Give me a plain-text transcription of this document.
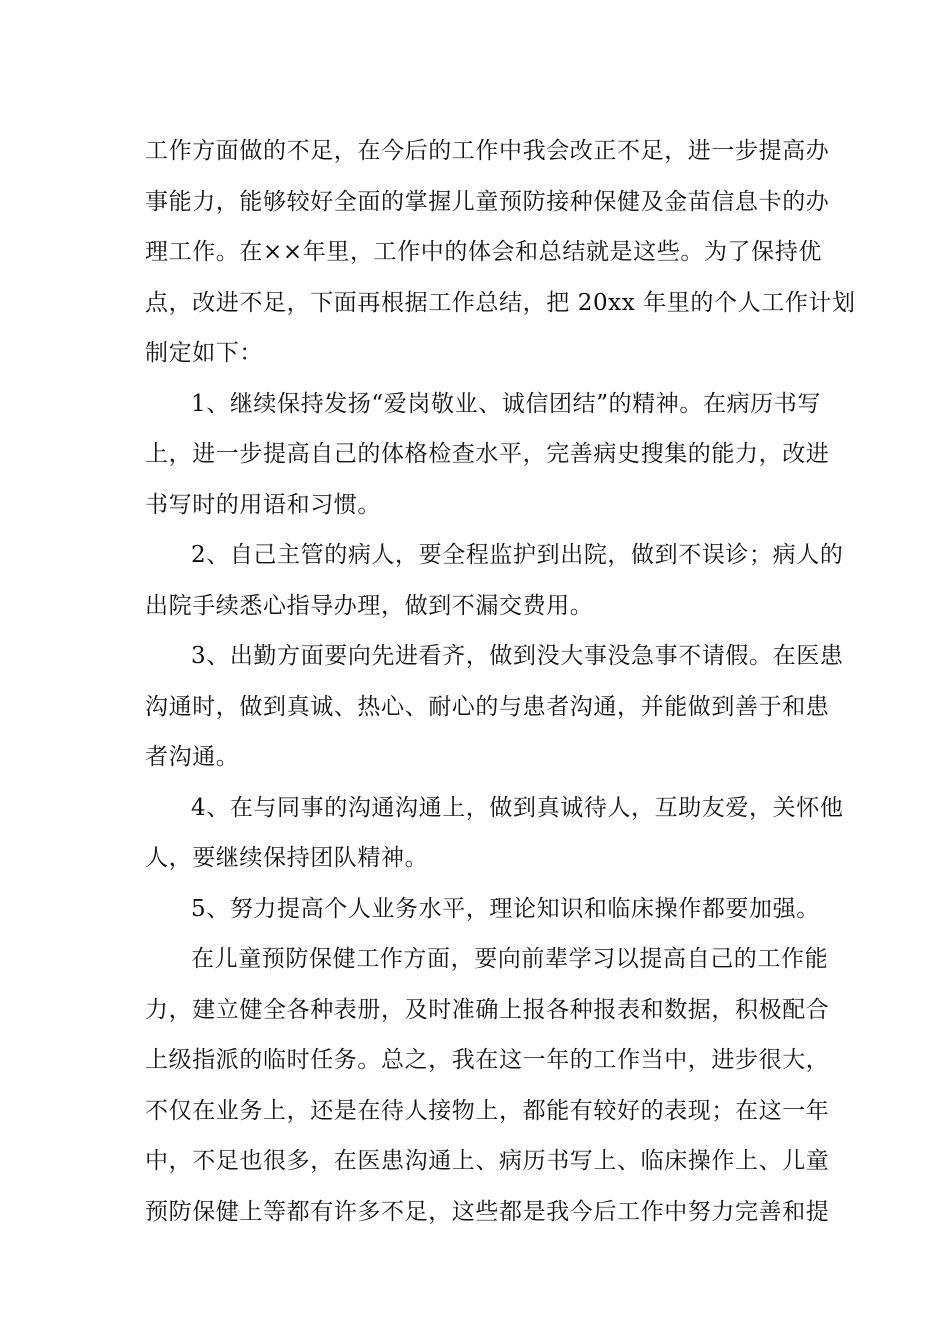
工作方面做的不足，在今后的工作中我会改正不足，进一步提高办
事能力，能够较好全面的掌握儿童预防接种保健及金苗信息卡的办
理工作。在××年里，工作中的体会和总结就是这些。为了保持优
点，改进不足，下面再根据工作总结，把 20xx 年里的个人工作计划
制定如下：
1、继续保持发扬“爱岗敬业、诚信团结”的精神。在病历书写
上，进一步提高自己的体格检查水平，完善病史搜集的能力，改进
书写时的用语和习惯。
2、自己主管的病人，要全程监护到出院，做到不误诊；病人的
出院手续悉心指导办理，做到不漏交费用。
3、出勤方面要向先进看齐，做到没大事没急事不请假。在医患
沟通时，做到真诚、热心、耐心的与患者沟通，并能做到善于和患
者沟通。
4、在与同事的沟通沟通上，做到真诚待人，互助友爱，关怀他
人，要继续保持团队精神。
5、努力提高个人业务水平，理论知识和临床操作都要加强。
在儿童预防保健工作方面，要向前辈学习以提高自己的工作能
力，建立健全各种表册，及时准确上报各种报表和数据，积极配合
上级指派的临时任务。总之，我在这一年的工作当中，进步很大，
不仅在业务上，还是在待人接物上，都能有较好的表现；在这一年
中，不足也很多，在医患沟通上、病历书写上、临床操作上、儿童
预防保健上等都有许多不足，这些都是我今后工作中努力完善和提
